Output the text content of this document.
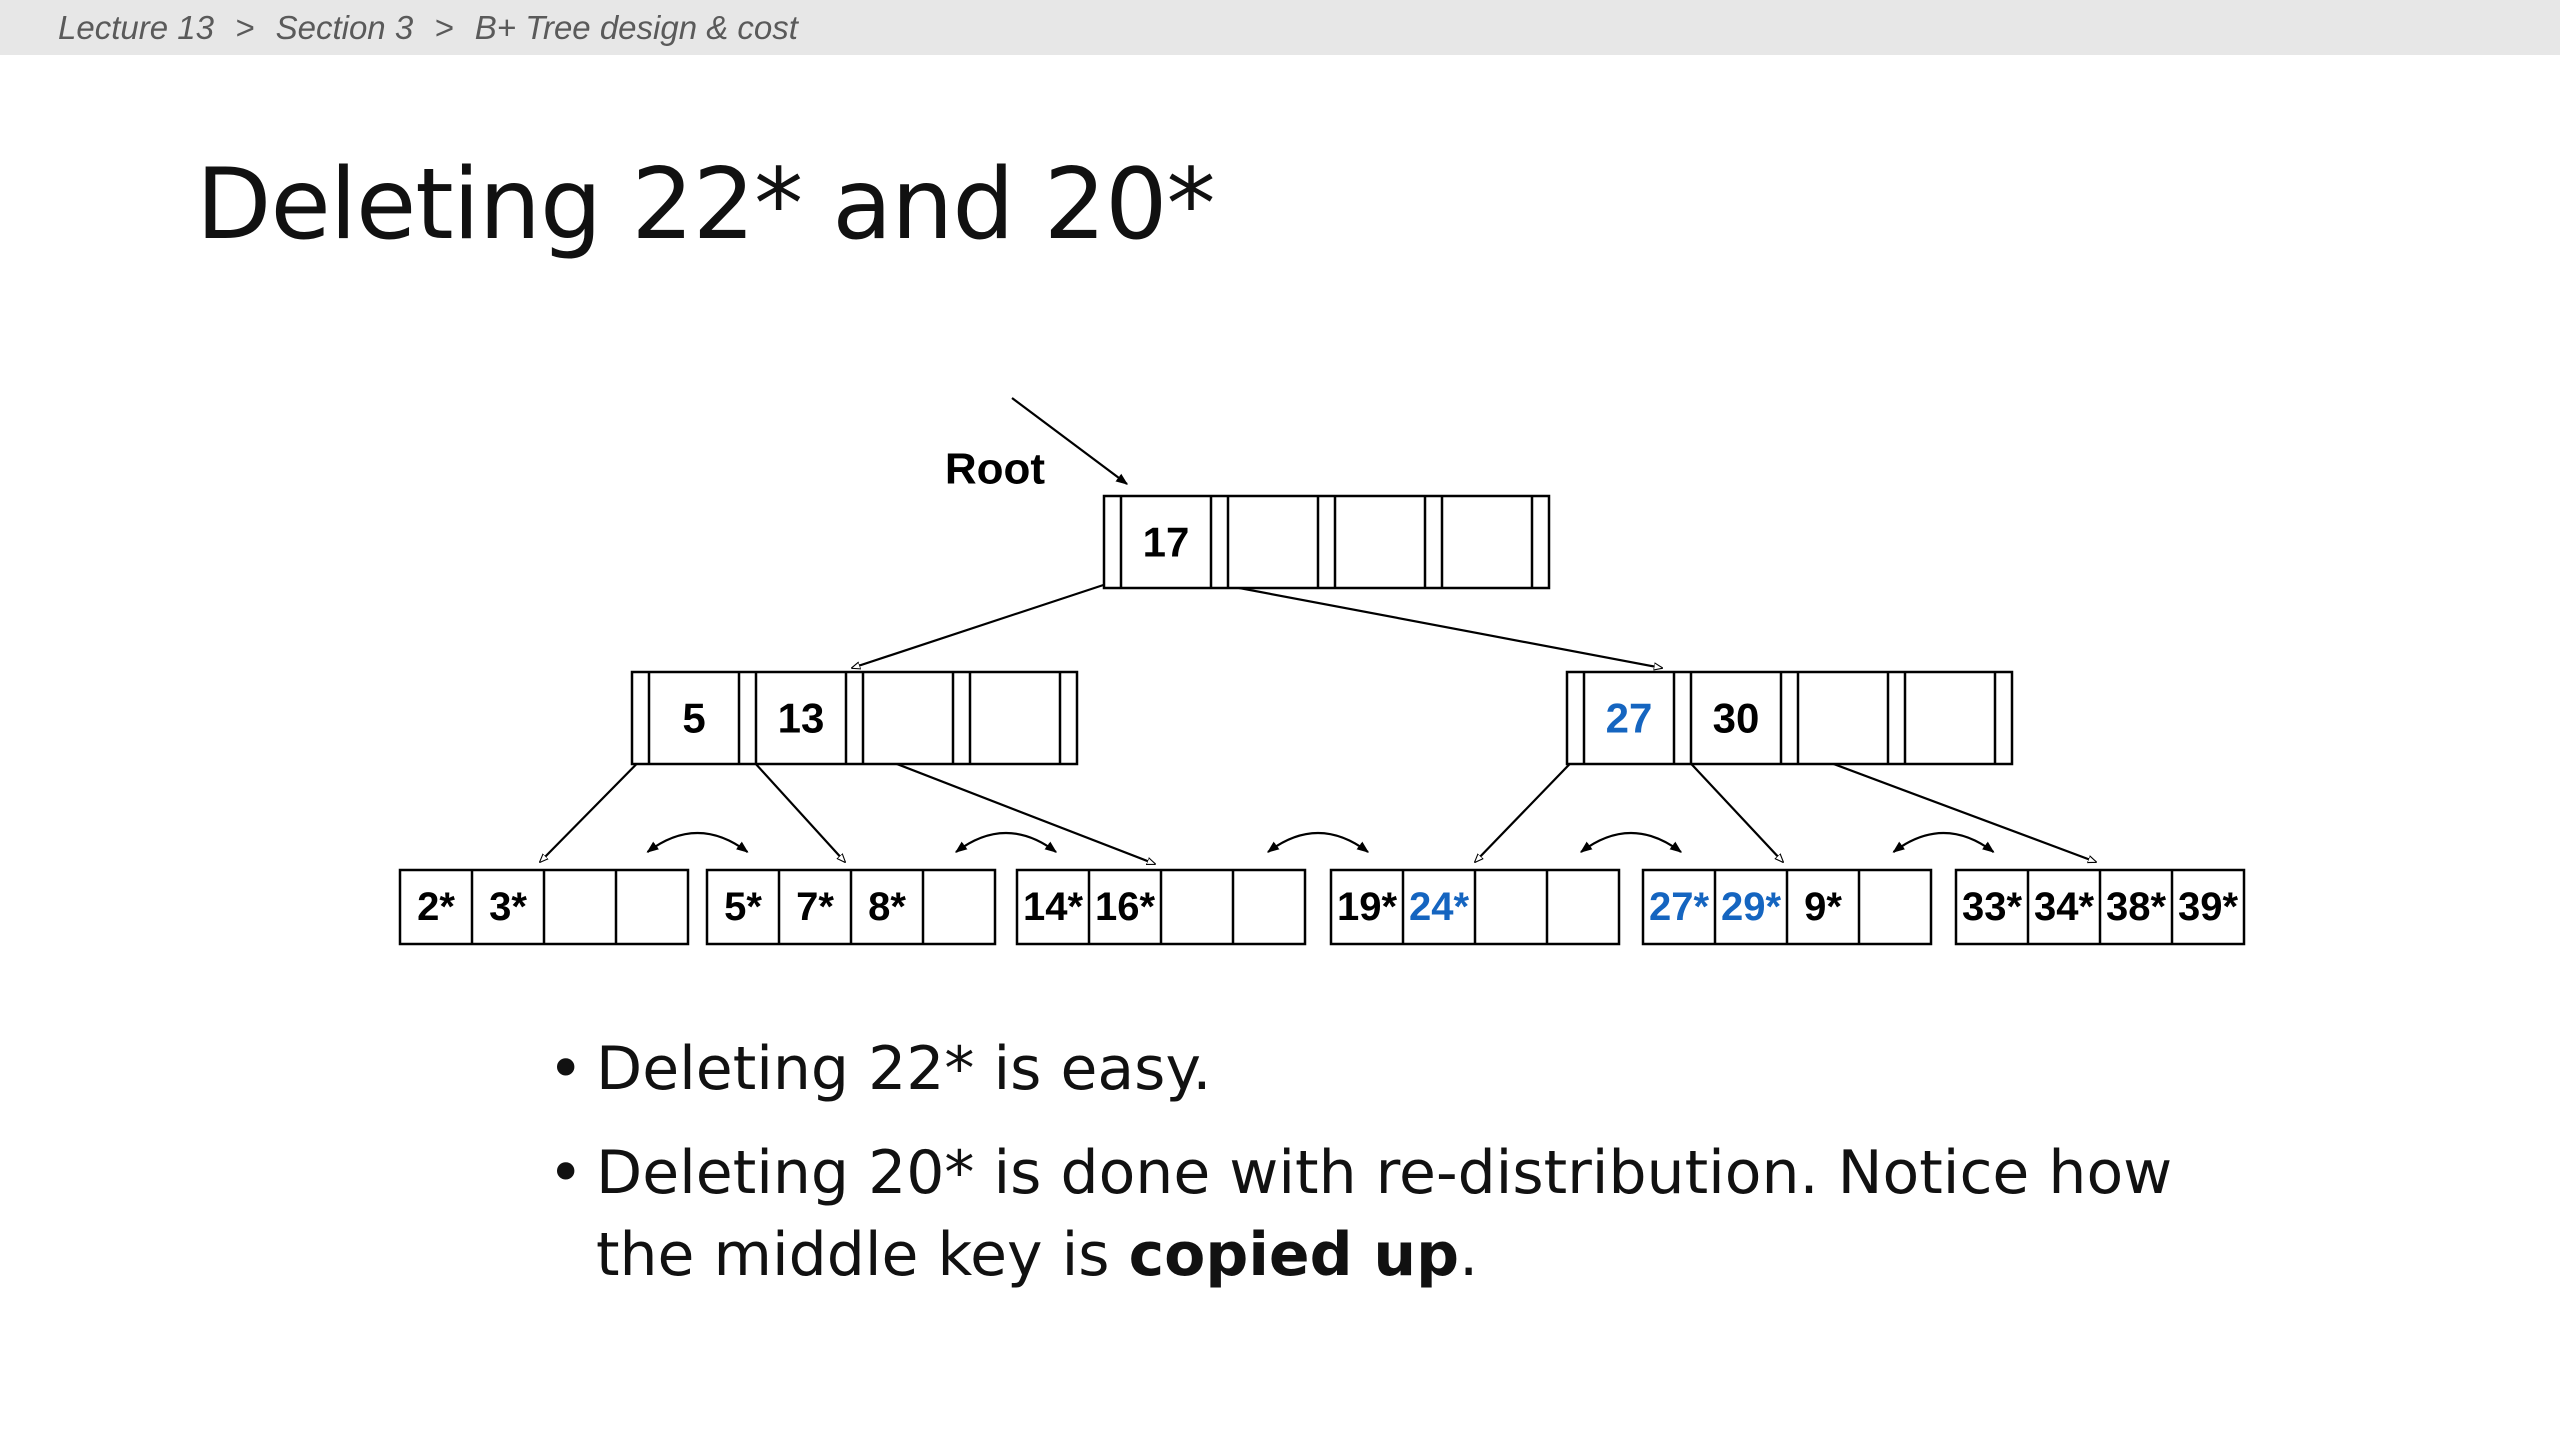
Lecture 13 > Section 3 > B+ Tree design & cost
Deleting 22* and 20*
17
Root
5 13	27 30
2* 3*	5* 7* 8*	14* 16*	19* 24*	27* 29* 9*	33* 34* 38* 39*
• Deleting 22* is easy.
• Deleting 20* is done with re-distribution. Notice how the middle key is copied up.
